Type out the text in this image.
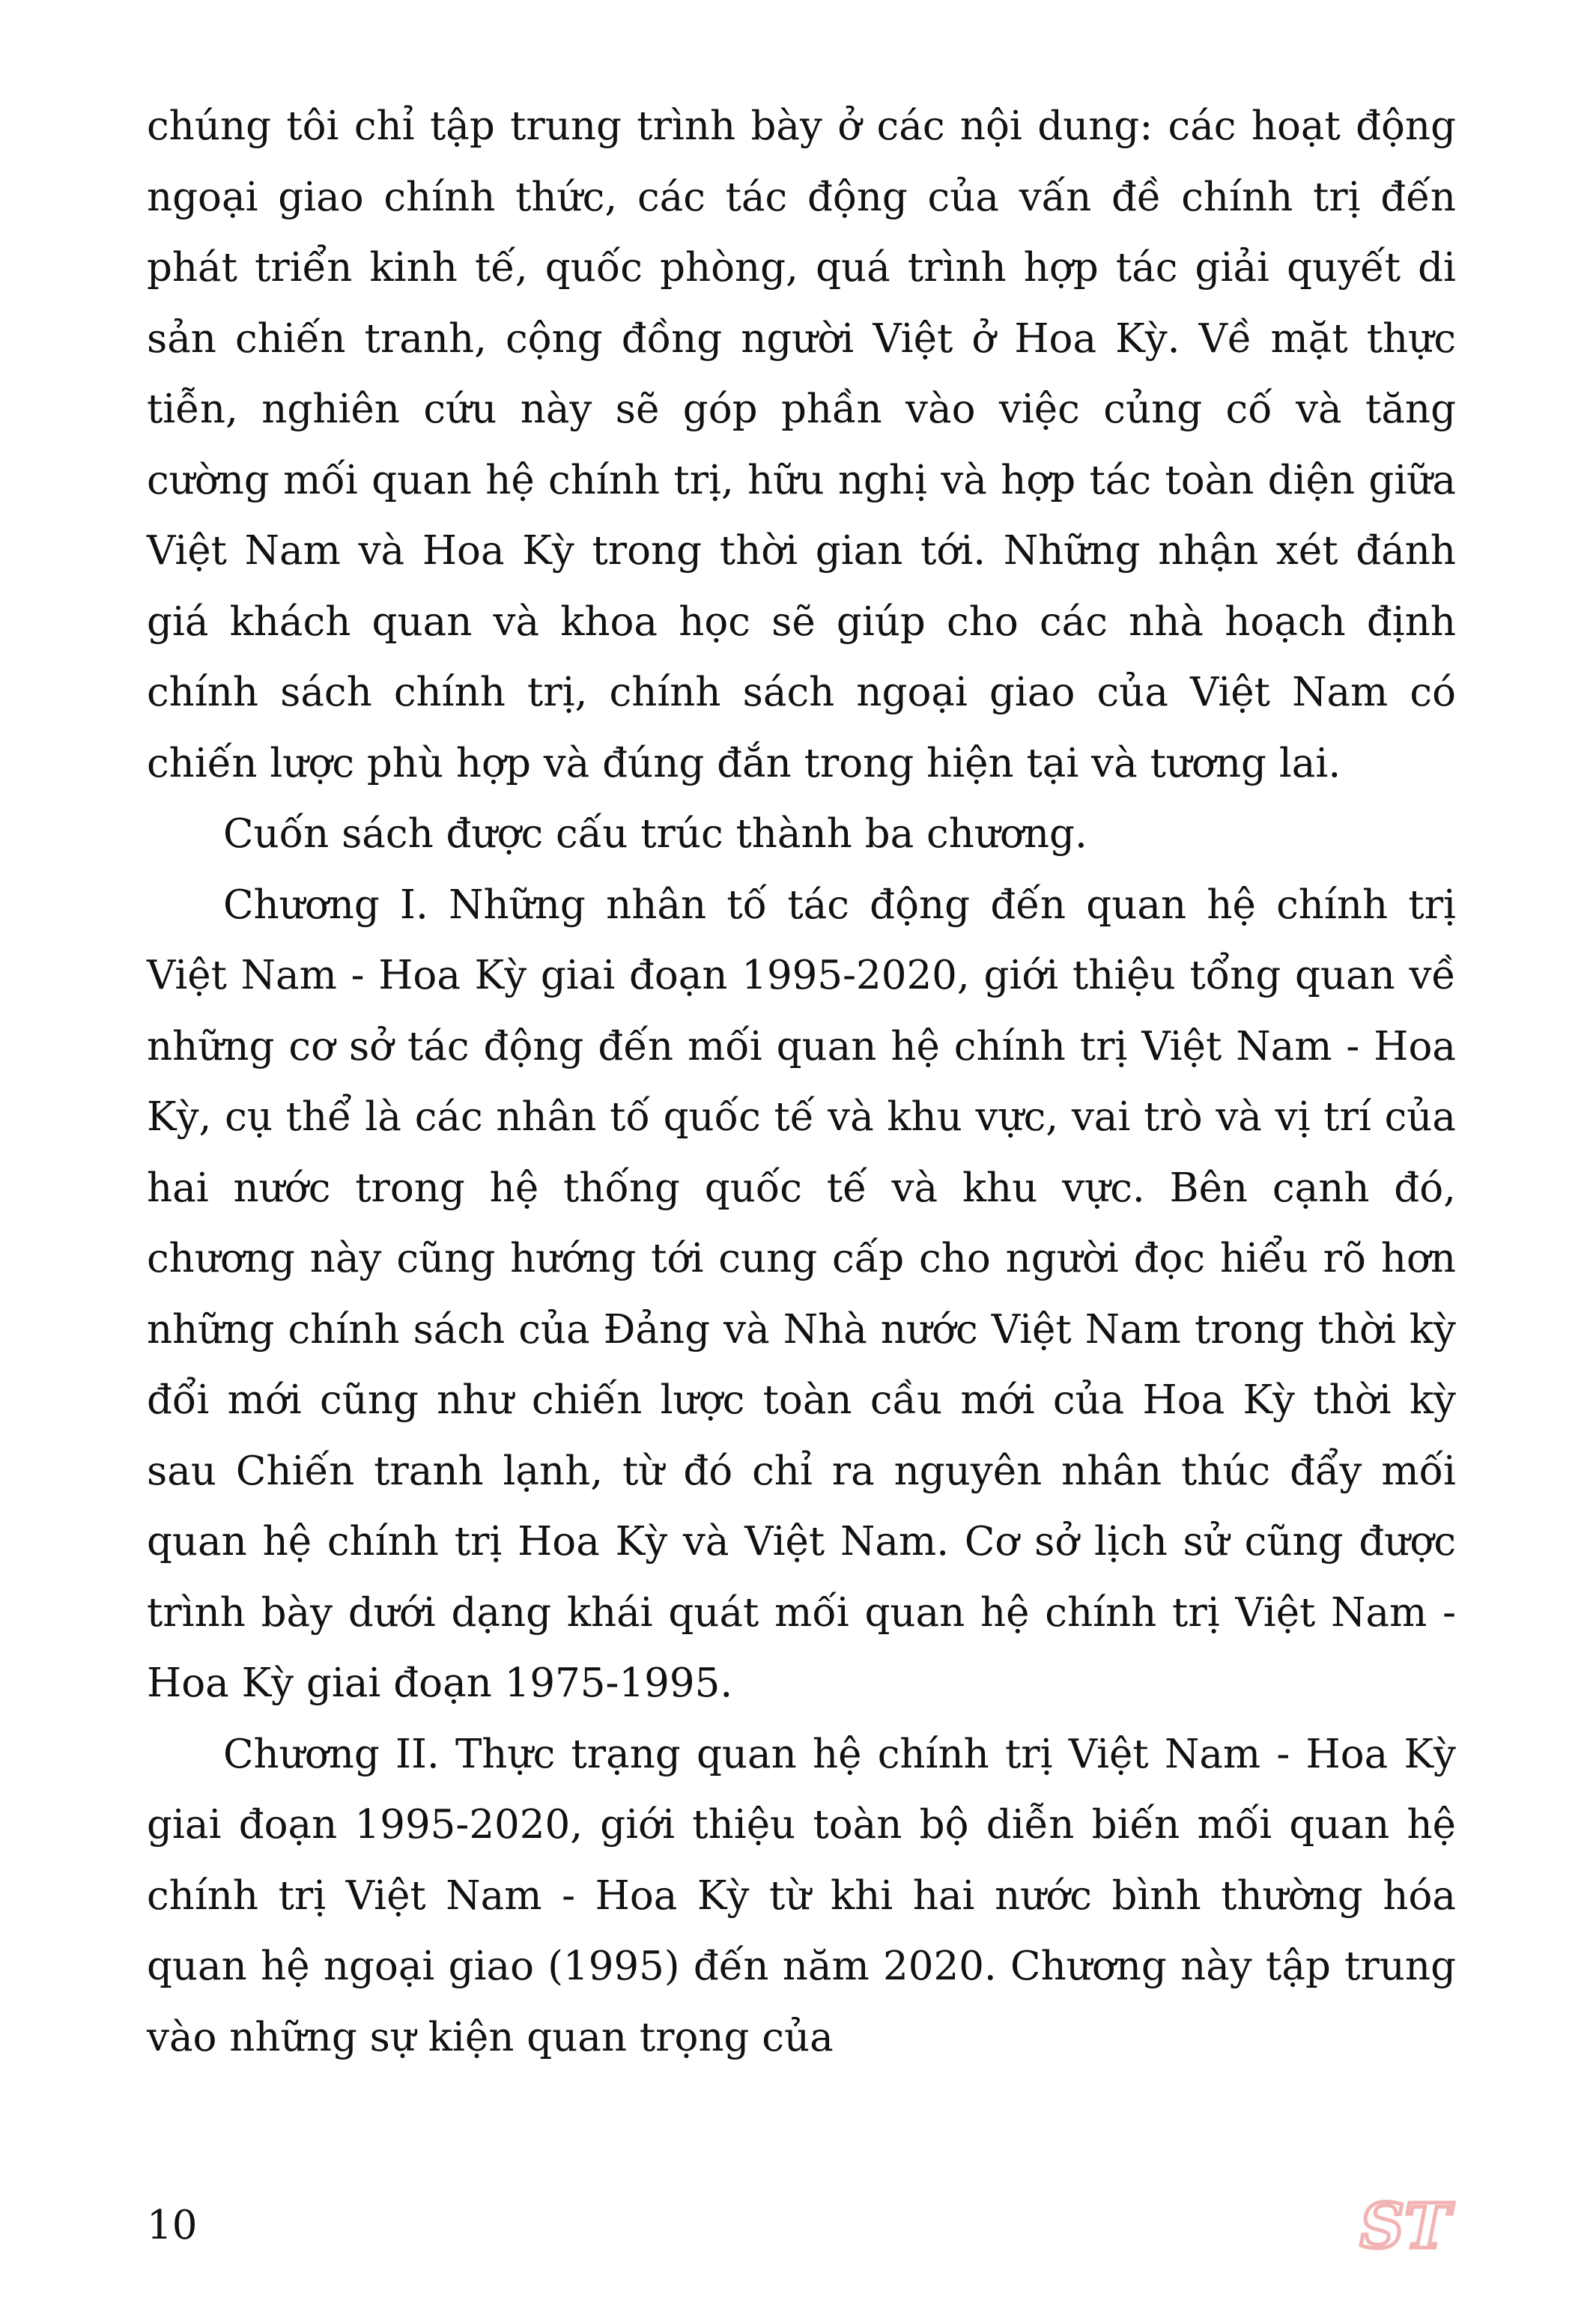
chúng tôi chỉ tập trung trình bày ở các nội dung: các hoạt động ngoại giao chính thức, các tác động của vấn đề chính trị đến phát triển kinh tế, quốc phòng, quá trình hợp tác giải quyết di sản chiến tranh, cộng đồng người Việt ở Hoa Kỳ. Về mặt thực tiễn, nghiên cứu này sẽ góp phần vào việc củng cố và tăng cường mối quan hệ chính trị, hữu nghị và hợp tác toàn diện giữa Việt Nam và Hoa Kỳ trong thời gian tới. Những nhận xét đánh giá khách quan và khoa học sẽ giúp cho các nhà hoạch định chính sách chính trị, chính sách ngoại giao của Việt Nam có chiến lược phù hợp và đúng đắn trong hiện tại và tương lai.

Cuốn sách được cấu trúc thành ba chương.

Chương I. Những nhân tố tác động đến quan hệ chính trị Việt Nam - Hoa Kỳ giai đoạn 1995-2020, giới thiệu tổng quan về những cơ sở tác động đến mối quan hệ chính trị Việt Nam - Hoa Kỳ, cụ thể là các nhân tố quốc tế và khu vực, vai trò và vị trí của hai nước trong hệ thống quốc tế và khu vực. Bên cạnh đó, chương này cũng hướng tới cung cấp cho người đọc hiểu rõ hơn những chính sách của Đảng và Nhà nước Việt Nam trong thời kỳ đổi mới cũng như chiến lược toàn cầu mới của Hoa Kỳ thời kỳ sau Chiến tranh lạnh, từ đó chỉ ra nguyên nhân thúc đẩy mối quan hệ chính trị Hoa Kỳ và Việt Nam. Cơ sở lịch sử cũng được trình bày dưới dạng khái quát mối quan hệ chính trị Việt Nam - Hoa Kỳ giai đoạn 1975-1995.

Chương II. Thực trạng quan hệ chính trị Việt Nam - Hoa Kỳ giai đoạn 1995-2020, giới thiệu toàn bộ diễn biến mối quan hệ chính trị Việt Nam - Hoa Kỳ từ khi hai nước bình thường hóa quan hệ ngoại giao (1995) đến năm 2020. Chương này tập trung vào những sự kiện quan trọng của

10	ST
